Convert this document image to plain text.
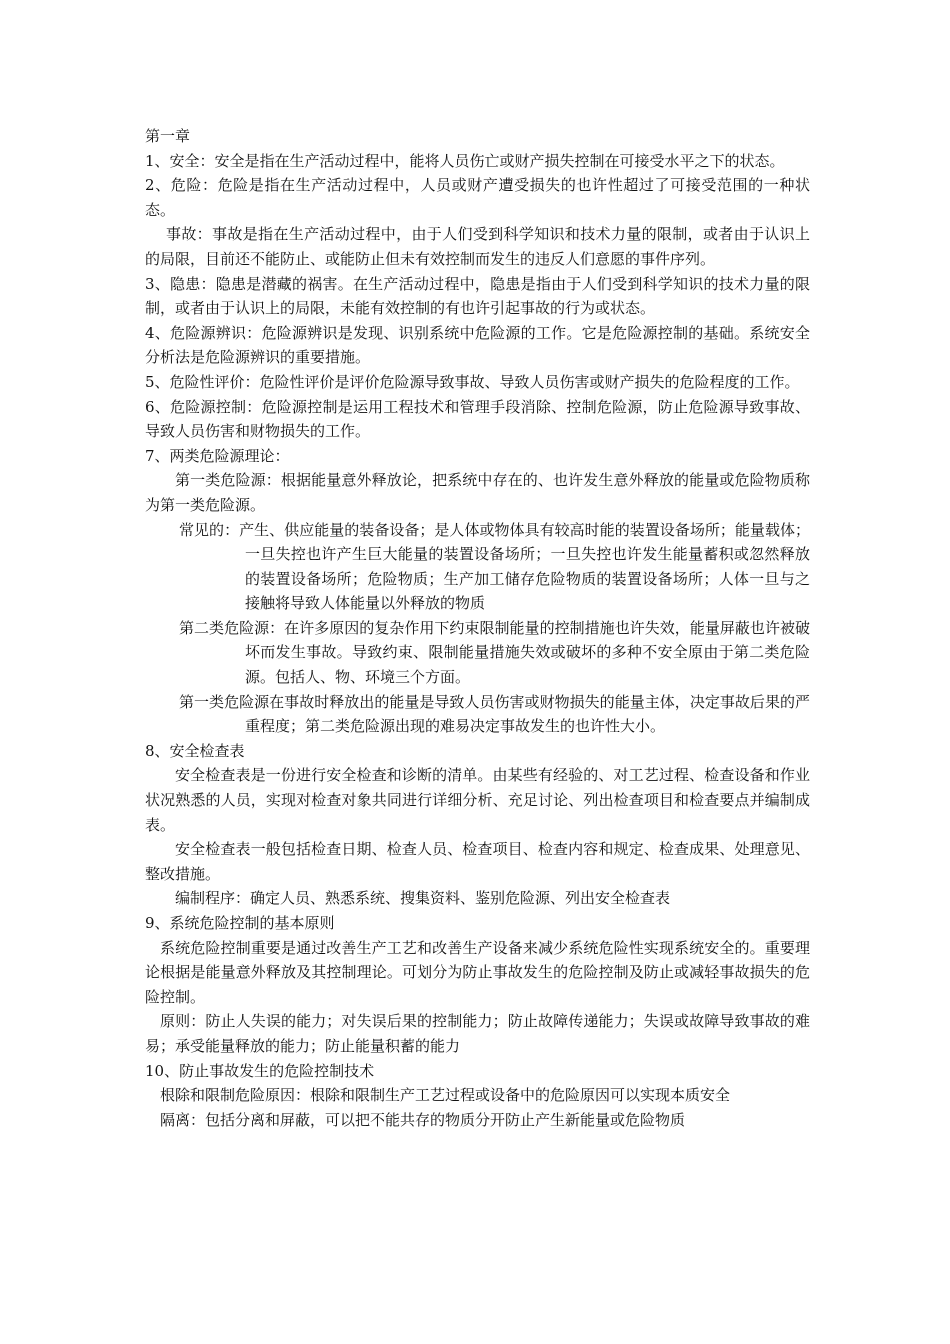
第一章

1、安全：安全是指在生产活动过程中，能将人员伤亡或财产损失控制在可接受水平之下的状态。

2、危险：危险是指在生产活动过程中，人员或财产遭受损失的也许性超过了可接受范围的一种状态。

事故：事故是指在生产活动过程中，由于人们受到科学知识和技术力量的限制，或者由于认识上的局限，目前还不能防止、或能防止但未有效控制而发生的违反人们意愿的事件序列。

3、隐患：隐患是潜藏的祸害。在生产活动过程中，隐患是指由于人们受到科学知识的技术力量的限制，或者由于认识上的局限，未能有效控制的有也许引起事故的行为或状态。

4、危险源辨识：危险源辨识是发现、识别系统中危险源的工作。它是危险源控制的基础。系统安全分析法是危险源辨识的重要措施。

5、危险性评价：危险性评价是评价危险源导致事故、导致人员伤害或财产损失的危险程度的工作。

6、危险源控制：危险源控制是运用工程技术和管理手段消除、控制危险源，防止危险源导致事故、导致人员伤害和财物损失的工作。

7、两类危险源理论：

第一类危险源：根据能量意外释放论，把系统中存在的、也许发生意外释放的能量或危险物质称为第一类危险源。

常见的：产生、供应能量的装备设备；是人体或物体具有较高时能的装置设备场所；能量载体；一旦失控也许产生巨大能量的装置设备场所；一旦失控也许发生能量蓄积或忽然释放的装置设备场所；危险物质；生产加工储存危险物质的装置设备场所；人体一旦与之接触将导致人体能量以外释放的物质

第二类危险源：在许多原因的复杂作用下约束限制能量的控制措施也许失效，能量屏蔽也许被破坏而发生事故。导致约束、限制能量措施失效或破坏的多种不安全原由于第二类危险源。包括人、物、环境三个方面。

第一类危险源在事故时释放出的能量是导致人员伤害或财物损失的能量主体，决定事故后果的严重程度；第二类危险源出现的难易决定事故发生的也许性大小。

8、安全检查表

安全检查表是一份进行安全检查和诊断的清单。由某些有经验的、对工艺过程、检查设备和作业状况熟悉的人员，实现对检查对象共同进行详细分析、充足讨论、列出检查项目和检查要点并编制成表。

安全检查表一般包括检查日期、检查人员、检查项目、检查内容和规定、检查成果、处理意见、整改措施。

编制程序：确定人员、熟悉系统、搜集资料、鉴别危险源、列出安全检查表

9、系统危险控制的基本原则

系统危险控制重要是通过改善生产工艺和改善生产设备来减少系统危险性实现系统安全的。重要理论根据是能量意外释放及其控制理论。可划分为防止事故发生的危险控制及防止或减轻事故损失的危险控制。

原则：防止人失误的能力；对失误后果的控制能力；防止故障传递能力；失误或故障导致事故的难易；承受能量释放的能力；防止能量积蓄的能力

10、防止事故发生的危险控制技术

根除和限制危险原因：根除和限制生产工艺过程或设备中的危险原因可以实现本质安全

隔离：包括分离和屏蔽，可以把不能共存的物质分开防止产生新能量或危险物质
